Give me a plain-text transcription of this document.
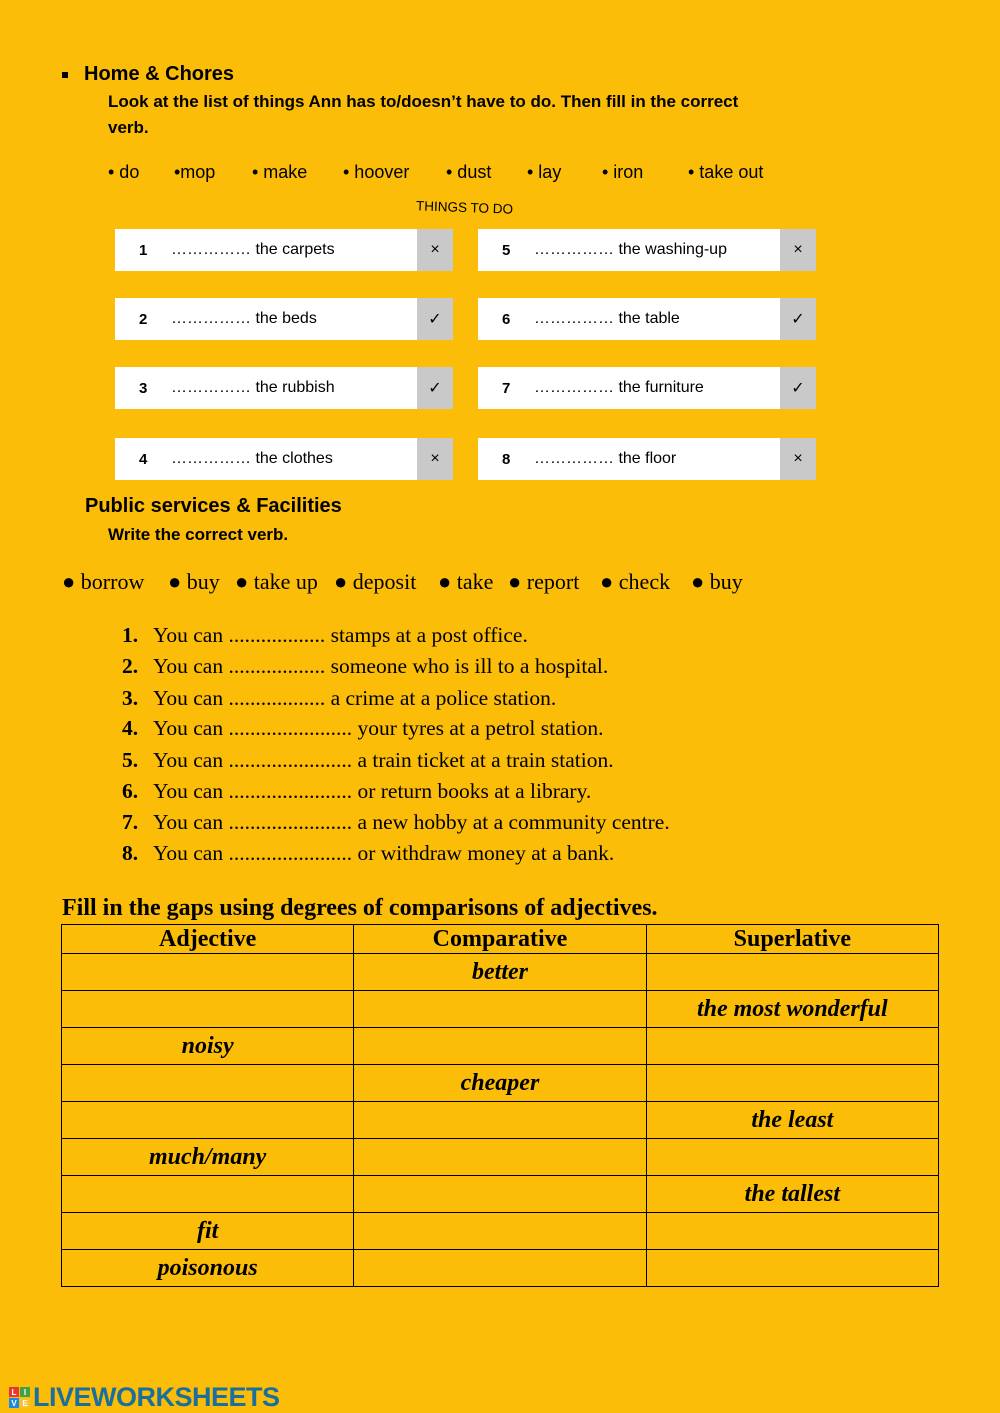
Home & Chores
Look at the list of things Ann has to/doesn’t have to do. Then fill in the correct
verb.
• do •mop • make • hoover • dust • lay • iron • take out
THINGS TO DO
1	…………… the carpets	×
2	…………… the beds	✓
3	…………… the rubbish	✓
4	…………… the clothes	×
5	…………… the washing-up	×
6	…………… the table	✓
7	…………… the furniture	✓
8	…………… the floor	×
Public services & Facilities
Write the correct verb.
● borrow ● buy ● take up ● deposit ● take ● report ● check ● buy
1. You can .................. stamps at a post office.
2. You can .................. someone who is ill to a hospital.
3. You can .................. a crime at a police station.
4. You can ....................... your tyres at a petrol station.
5. You can ....................... a train ticket at a train station.
6. You can ....................... or return books at a library.
7. You can ....................... a new hobby at a community centre.
8. You can ....................... or withdraw money at a bank.
Fill in the gaps using degrees of comparisons of adjectives.
Adjective	Comparative	Superlative
	better	
		the most wonderful
noisy		
	cheaper	
		the least
much/many		
		the tallest
fit		
poisonous		
L I
V E LIVEWORKSHEETS
